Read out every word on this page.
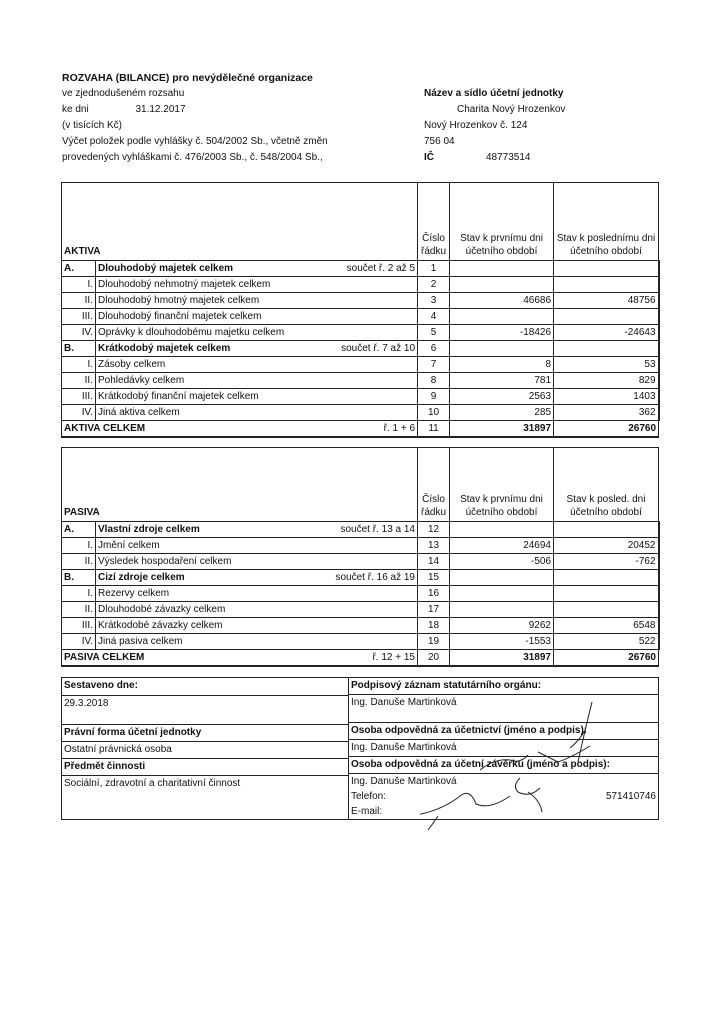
ROZVAHA (BILANCE) pro nevýdělečné organizace
ve zjednodušeném rozsahu
ke dni	31.12.2017
(v tisících Kč)
Výčet položek podle vyhlášky č. 504/2002 Sb., včetně změn
provedených vyhláškami č. 476/2003 Sb., č. 548/2004 Sb.,
Název a sídlo účetní jednotky
Charita Nový Hrozenkov
Nový Hrozenkov č. 124
756 04
IČ	48773514
AKTIVA		Číslo řádku	Stav k prvnímu dni účetního období	Stav k poslednímu dni účetního období
A.	Dlouhodobý majetek celkem součet ř. 2 až 5	1		
I.	Dlouhodobý nehmotný majetek celkem	2		
II.	Dlouhodobý hmotný majetek celkem	3	46686	48756
III.	Dlouhodobý finanční majetek celkem	4		
IV.	Oprávky k dlouhodobému majetku celkem	5	-18426	-24643
B.	Krátkodobý majetek celkem součet ř. 7 až 10	6		
I.	Zásoby celkem	7	8	53
II.	Pohledávky celkem	8	781	829
III.	Krátkodobý finanční majetek celkem	9	2563	1403
IV.	Jiná aktiva celkem	10	285	362

AKTIVA CELKEM ř. 1 + 6		11	31897	26760
PASIVA		Číslo řádku	Stav k prvnímu dni účetního období	Stav k posled. dni účetního období
A.	Vlastní zdroje celkem součet ř. 13 a 14	12		
I.	Jmění celkem	13	24694	20452
II.	Výsledek hospodaření celkem	14	-506	-762
B.	Cizí zdroje celkem součet ř. 16 až 19	15		
I.	Rezervy celkem	16		
II.	Dlouhodobé závazky celkem	17		
III.	Krátkodobé závazky celkem	18	9262	6548
IV.	Jiná pasiva celkem	19	-1553	522

PASIVA CELKEM ř. 12 + 15		20	31897	26760
Sestaveno dne:
29.3.2018
Právní forma účetní jednotky
Ostatní právnická osoba
Předmět činnosti
Sociální, zdravotní a charitativní činnost
Podpisový záznam statutárního orgánu:
Ing. Danuše Martinková
Osoba odpovědná za účetnictví (jméno a podpis):
Ing. Danuše Martinková
Osoba odpovědná za účetní závěrku (jméno a podpis):
Ing. Danuše Martinková
Telefon:	571410746
E-mail:
